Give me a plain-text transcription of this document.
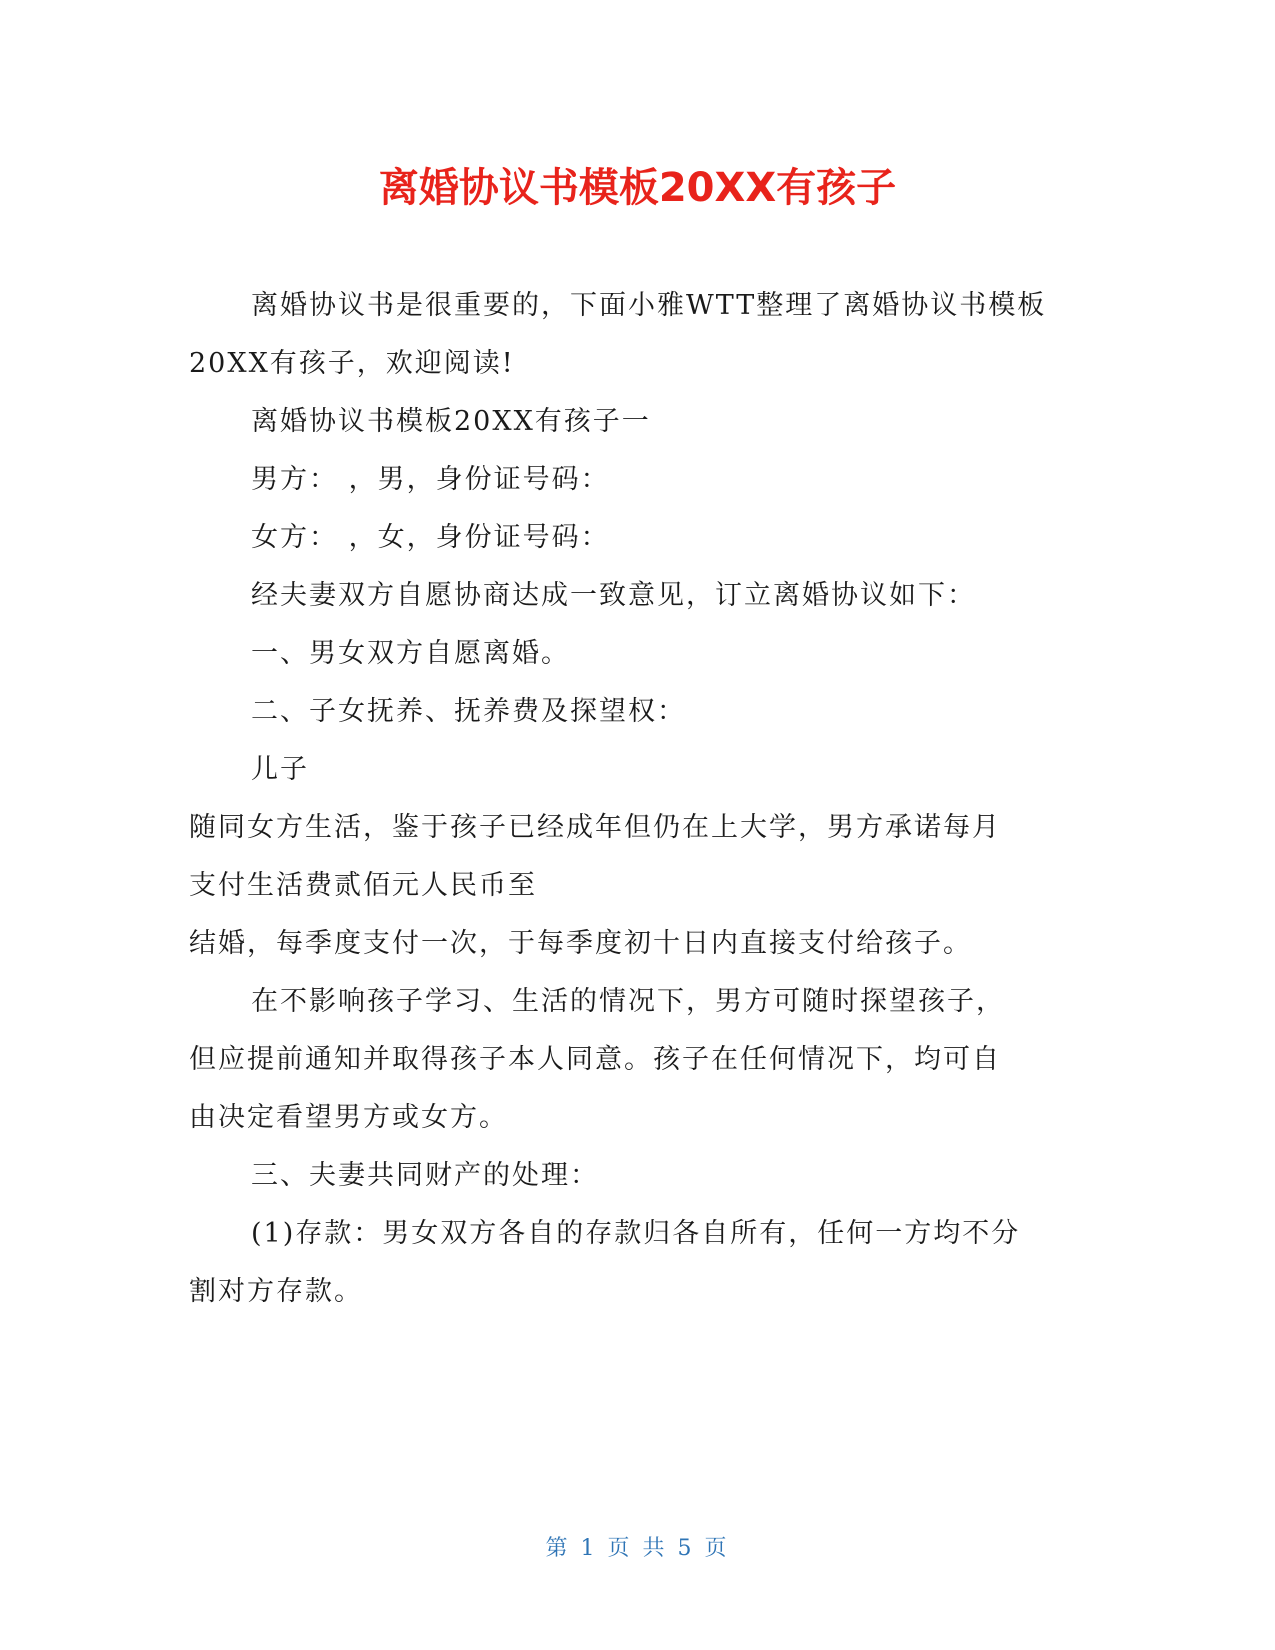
离婚协议书模板20XX有孩子
离婚协议书是很重要的，下面小雅WTT整理了离婚协议书模板
20XX有孩子，欢迎阅读!
离婚协议书模板20XX有孩子一
男方： ，男，身份证号码：
女方： ，女，身份证号码：
经夫妻双方自愿协商达成一致意见，订立离婚协议如下：
一、男女双方自愿离婚。
二、子女抚养、抚养费及探望权：
儿子
随同女方生活，鉴于孩子已经成年但仍在上大学，男方承诺每月
支付生活费贰佰元人民币至
结婚，每季度支付一次，于每季度初十日内直接支付给孩子。
在不影响孩子学习、生活的情况下，男方可随时探望孩子，
但应提前通知并取得孩子本人同意。孩子在任何情况下，均可自
由决定看望男方或女方。
三、夫妻共同财产的处理：
(1)存款：男女双方各自的存款归各自所有，任何一方均不分
割对方存款。
第 1 页 共 5 页
